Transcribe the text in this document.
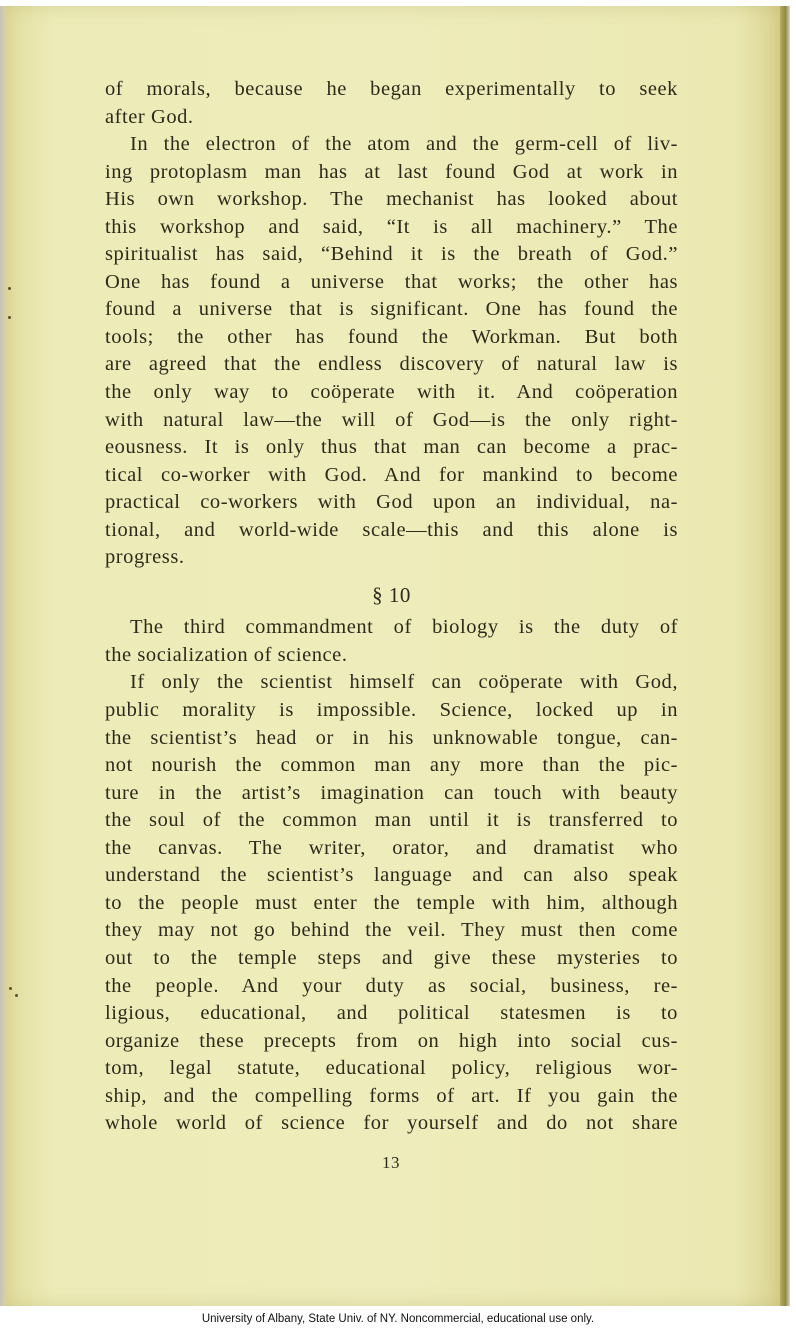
of morals, because he began experimentally to seek
after God.
In the electron of the atom and the germ-cell of liv-
ing protoplasm man has at last found God at work in
His own workshop. The mechanist has looked about
this workshop and said, “It is all machinery.” The
spiritualist has said, “Behind it is the breath of God.”
One has found a universe that works; the other has
found a universe that is significant. One has found the
tools; the other has found the Workman. But both
are agreed that the endless discovery of natural law is
the only way to coöperate with it. And coöperation
with natural law—the will of God—is the only right-
eousness. It is only thus that man can become a prac-
tical co-worker with God. And for mankind to become
practical co-workers with God upon an individual, na-
tional, and world-wide scale—this and this alone is
progress.
§ 10
The third commandment of biology is the duty of
the socialization of science.
If only the scientist himself can coöperate with God,
public morality is impossible. Science, locked up in
the scientist’s head or in his unknowable tongue, can-
not nourish the common man any more than the pic-
ture in the artist’s imagination can touch with beauty
the soul of the common man until it is transferred to
the canvas. The writer, orator, and dramatist who
understand the scientist’s language and can also speak
to the people must enter the temple with him, although
they may not go behind the veil. They must then come
out to the temple steps and give these mysteries to
the people. And your duty as social, business, re-
ligious, educational, and political statesmen is to
organize these precepts from on high into social cus-
tom, legal statute, educational policy, religious wor-
ship, and the compelling forms of art. If you gain the
whole world of science for yourself and do not share
13
University of Albany, State Univ. of NY. Noncommercial, educational use only.
